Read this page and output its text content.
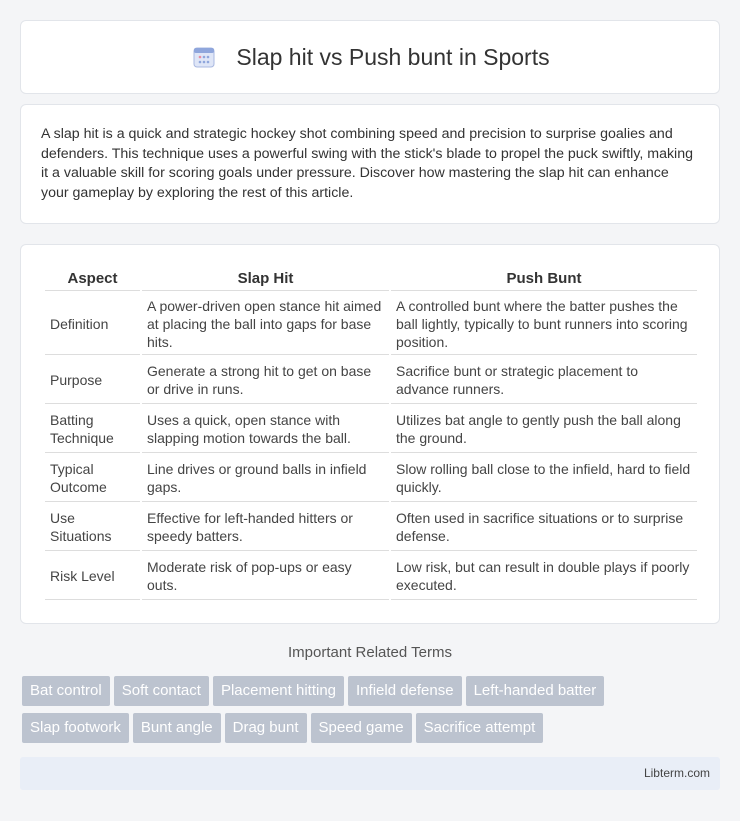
Slap hit vs Push bunt in Sports

A slap hit is a quick and strategic hockey shot combining speed and precision to surprise goalies and defenders. This technique uses a powerful swing with the stick's blade to propel the puck swiftly, making it a valuable skill for scoring goals under pressure. Discover how mastering the slap hit can enhance your gameplay by exploring the rest of this article.

Aspect	Slap Hit	Push Bunt
Definition	A power-driven open stance hit aimed at placing the ball into gaps for base hits.	A controlled bunt where the batter pushes the ball lightly, typically to bunt runners into scoring position.
Purpose	Generate a strong hit to get on base or drive in runs.	Sacrifice bunt or strategic placement to advance runners.
Batting Technique	Uses a quick, open stance with slapping motion towards the ball.	Utilizes bat angle to gently push the ball along the ground.
Typical Outcome	Line drives or ground balls in infield gaps.	Slow rolling ball close to the infield, hard to field quickly.
Use Situations	Effective for left-handed hitters or speedy batters.	Often used in sacrifice situations or to surprise defense.
Risk Level	Moderate risk of pop-ups or easy outs.	Low risk, but can result in double plays if poorly executed.
Important Related Terms
Bat control Soft contact Placement hitting Infield defense Left-handed batter
Slap footwork Bunt angle Drag bunt Speed game Sacrifice attempt
Libterm.com
